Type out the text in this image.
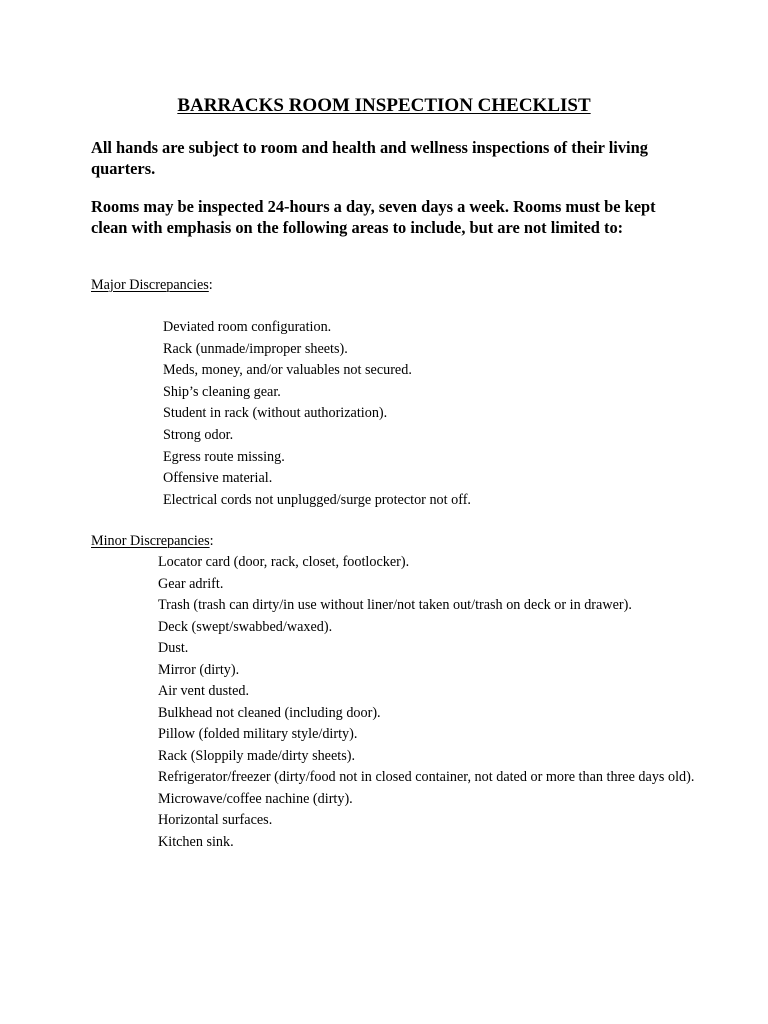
BARRACKS ROOM INSPECTION CHECKLIST

All hands are subject to room and health and wellness inspections of their living quarters.

Rooms may be inspected 24-hours a day, seven days a week. Rooms must be kept clean with emphasis on the following areas to include, but are not limited to:

Major Discrepancies:

Deviated room configuration.
Rack (unmade/improper sheets).
Meds, money, and/or valuables not secured.
Ship’s cleaning gear.
Student in rack (without authorization).
Strong odor.
Egress route missing.
Offensive material.
Electrical cords not unplugged/surge protector not off.

Minor Discrepancies:

Locator card (door, rack, closet, footlocker).
Gear adrift.
Trash (trash can dirty/in use without liner/not taken out/trash on deck or in drawer).
Deck (swept/swabbed/waxed).
Dust.
Mirror (dirty).
Air vent dusted.
Bulkhead not cleaned (including door).
Pillow (folded military style/dirty).
Rack (Sloppily made/dirty sheets).
Refrigerator/freezer (dirty/food not in closed container, not dated or more than three days old).
Microwave/coffee nachine (dirty).
Horizontal surfaces.
Kitchen sink.
